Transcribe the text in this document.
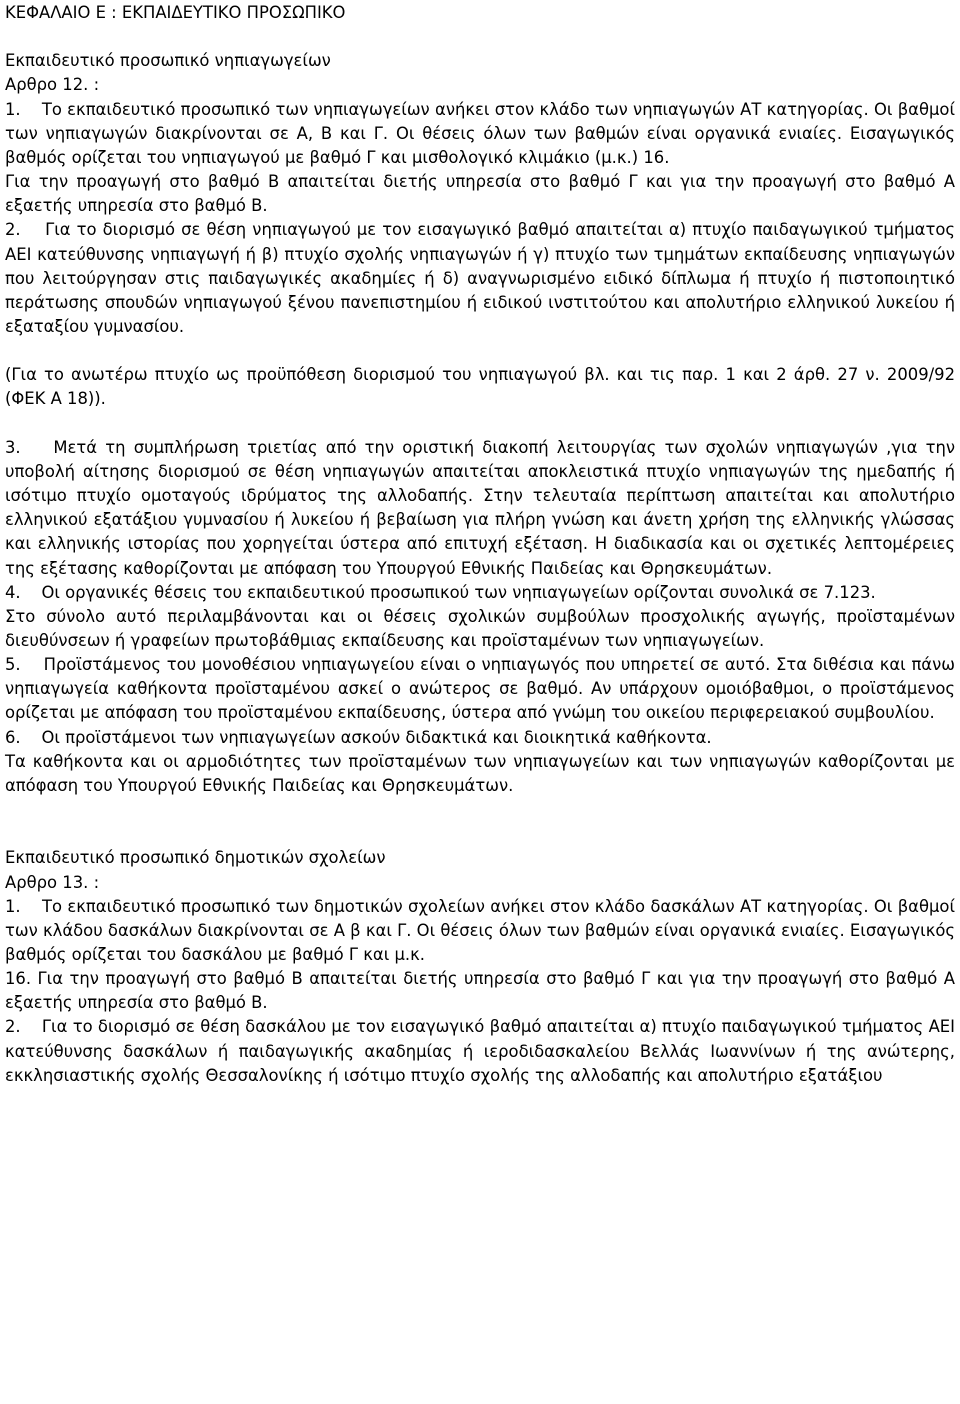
ΚΕΦΑΛΑΙΟ Ε : ΕΚΠΑΙΔΕΥΤΙΚΟ ΠΡΟΣΩΠΙΚΟ

Εκπαιδευτικό προσωπικό νηπιαγωγείων

Αρθρο 12. :

1.    Το εκπαιδευτικό προσωπικό των νηπιαγωγείων ανήκει στον κλάδο των νηπιαγωγών ΑΤ κατηγορίας. Οι βαθμοί των νηπιαγωγών διακρίνονται σε Α, Β και Γ. Οι θέσεις όλων των βαθμών είναι οργανικά ενιαίες. Εισαγωγικός βαθμός ορίζεται του νηπιαγωγού με βαθμό Γ και μισθολογικό κλιμάκιο (μ.κ.) 16.

Για την προαγωγή στο βαθμό Β απαιτείται διετής υπηρεσία στο βαθμό Γ και για την προαγωγή στο βαθμό Α εξαετής υπηρεσία στο βαθμό Β.

2.    Για το διορισμό σε θέση νηπιαγωγού με τον εισαγωγικό βαθμό απαιτείται α) πτυχίο παιδαγωγικού τμήματος ΑΕΙ κατεύθυνσης νηπιαγωγή ή β) πτυχίο σχολής νηπιαγωγών ή γ) πτυχίο των τμημάτων εκπαίδευσης νηπιαγωγών που λειτούργησαν στις παιδαγωγικές ακαδημίες ή δ) αναγνωρισμένο ειδικό δίπλωμα ή πτυχίο ή πιστοποιητικό περάτωσης σπουδών νηπιαγωγού ξένου πανεπιστημίου ή ειδικού ινστιτούτου και απολυτήριο ελληνικού λυκείου ή εξαταξίου γυμνασίου.

(Για το ανωτέρω πτυχίο ως προϋπόθεση διορισμού του νηπιαγωγού βλ. και τις παρ. 1 και 2 άρθ. 27 ν. 2009/92 (ΦΕΚ Α 18)).

3.    Μετά τη συμπλήρωση τριετίας από την οριστική διακοπή λειτουργίας των σχολών νηπιαγωγών ,για την υποβολή αίτησης διορισμού σε θέση νηπιαγωγών απαιτείται αποκλειστικά πτυχίο νηπιαγωγών της ημεδαπής ή ισότιμο πτυχίο ομοταγούς ιδρύματος της αλλοδαπής. Στην τελευταία περίπτωση απαιτείται και απολυτήριο ελληνικού εξατάξιου γυμνασίου ή λυκείου ή βεβαίωση για πλήρη γνώση και άνετη χρήση της ελληνικής γλώσσας και ελληνικής ιστορίας που χορηγείται ύστερα από επιτυχή εξέταση. Η διαδικασία και οι σχετικές λεπτομέρειες της εξέτασης καθορίζονται με απόφαση του Υπουργού Εθνικής Παιδείας και Θρησκευμάτων.

4.    Οι οργανικές θέσεις του εκπαιδευτικού προσωπικού των νηπιαγωγείων ορίζονται συνολικά σε 7.123.

Στο σύνολο αυτό περιλαμβάνονται και οι θέσεις σχολικών συμβούλων προσχολικής αγωγής, προϊσταμένων διευθύνσεων ή γραφείων πρωτοβάθμιας εκπαίδευσης και προϊσταμένων των νηπιαγωγείων.

5.    Προϊστάμενος του μονοθέσιου νηπιαγωγείου είναι ο νηπιαγωγός που υπηρετεί σε αυτό. Στα διθέσια και πάνω νηπιαγωγεία καθήκοντα προϊσταμένου ασκεί ο ανώτερος σε βαθμό. Αν υπάρχουν ομοιόβαθμοι, ο προϊστάμενος ορίζεται με απόφαση του προϊσταμένου εκπαίδευσης, ύστερα από γνώμη του οικείου περιφερειακού συμβουλίου.

6.    Οι προϊστάμενοι των νηπιαγωγείων ασκούν διδακτικά και διοικητικά καθήκοντα.

Τα καθήκοντα και οι αρμοδιότητες των προϊσταμένων των νηπιαγωγείων και των νηπιαγωγών καθορίζονται με απόφαση του Υπουργού Εθνικής Παιδείας και Θρησκευμάτων.

Εκπαιδευτικό προσωπικό δημοτικών σχολείων

Αρθρο 13. :

1.    Το εκπαιδευτικό προσωπικό των δημοτικών σχολείων ανήκει στον κλάδο δασκάλων ΑΤ κατηγορίας. Οι βαθμοί των κλάδου δασκάλων διακρίνονται σε Α β και Γ. Οι θέσεις όλων των βαθμών είναι οργανικά ενιαίες. Εισαγωγικός βαθμός ορίζεται του δασκάλου με βαθμό Γ και μ.κ.

16. Για την προαγωγή στο βαθμό Β απαιτείται διετής υπηρεσία στο βαθμό Γ και για την προαγωγή στο βαθμό Α εξαετής υπηρεσία στο βαθμό Β.

2.    Για το διορισμό σε θέση δασκάλου με τον εισαγωγικό βαθμό απαιτείται α) πτυχίο παιδαγωγικού τμήματος ΑΕΙ κατεύθυνσης δασκάλων ή παιδαγωγικής ακαδημίας ή ιεροδιδασκαλείου Βελλάς Ιωαννίνων ή της ανώτερης, εκκλησιαστικής σχολής Θεσσαλονίκης ή ισότιμο πτυχίο σχολής της αλλοδαπής και απολυτήριο εξατάξιου
